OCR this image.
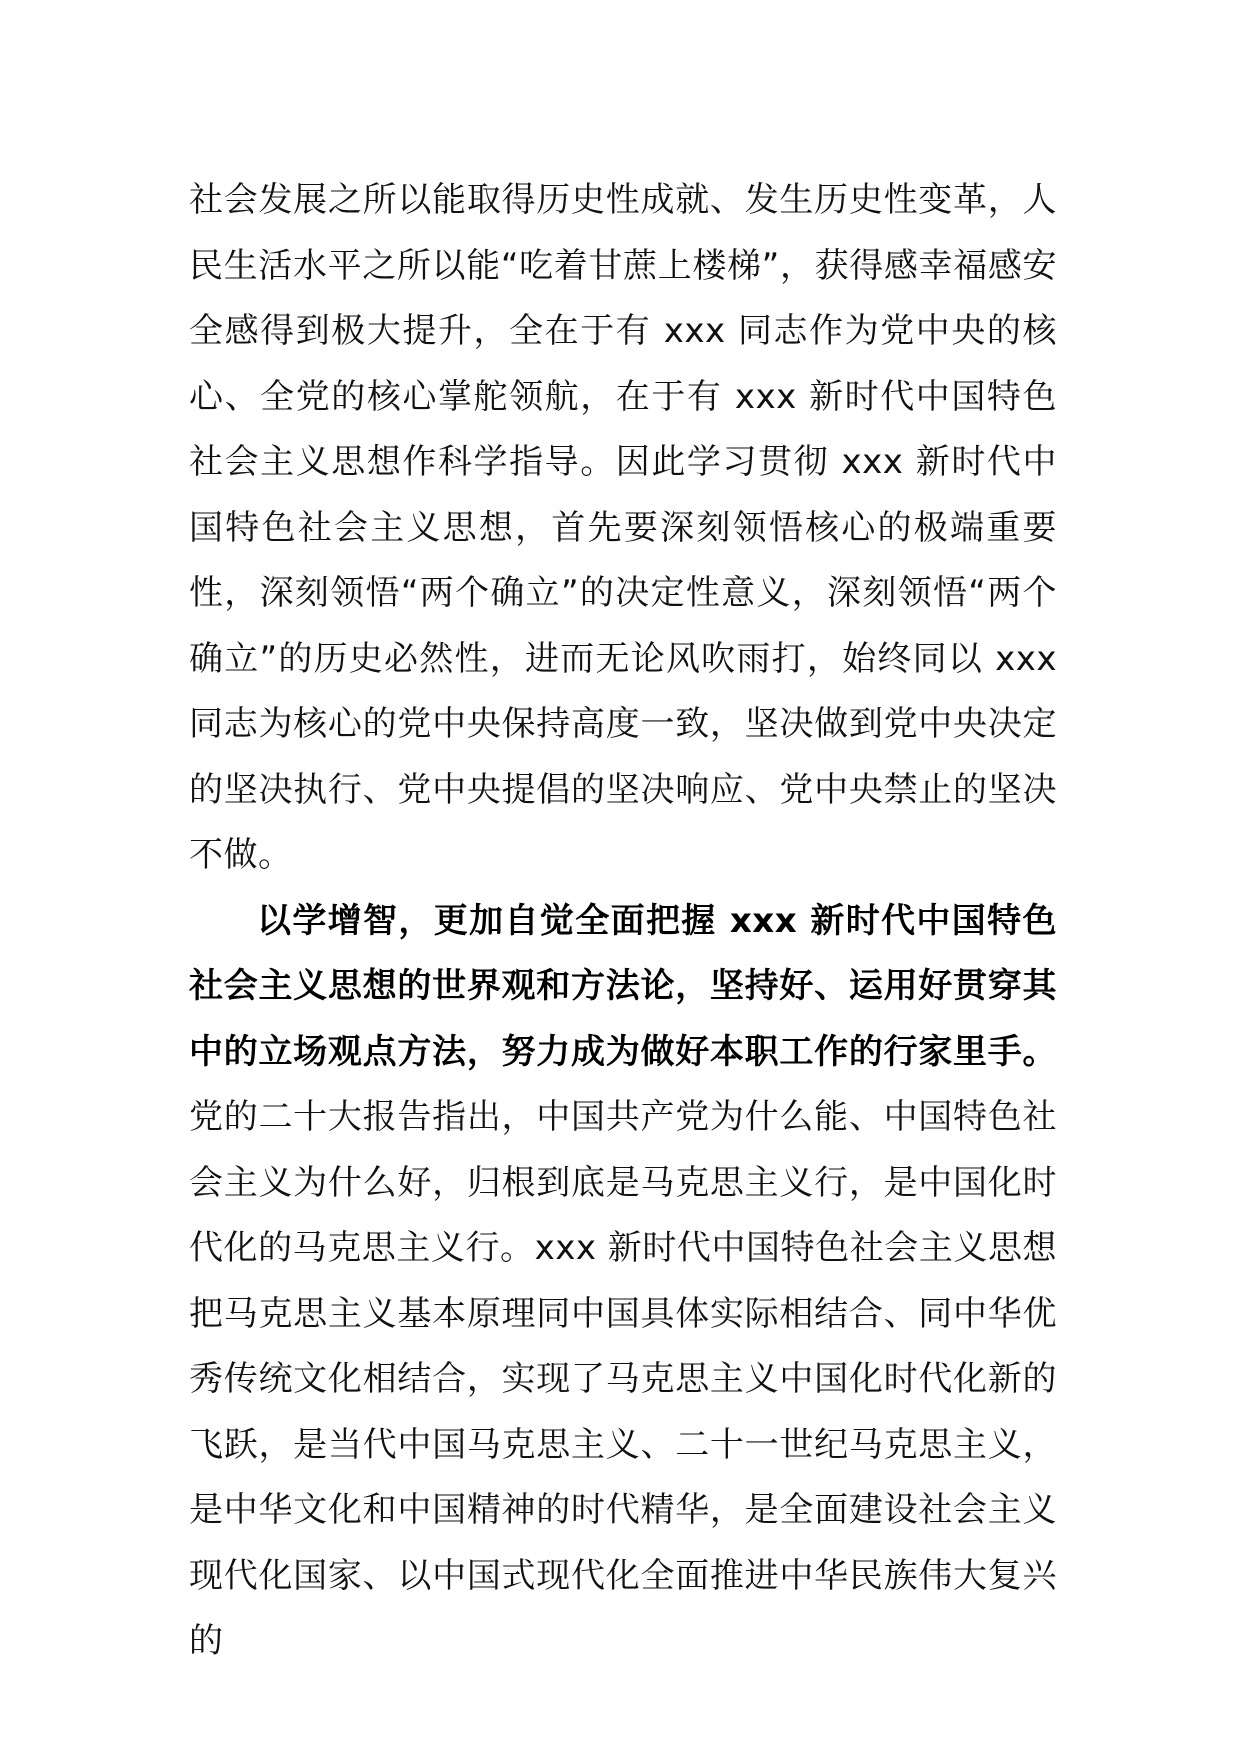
社会发展之所以能取得历史性成就、发生历史性变革，人民生活水平之所以能“吃着甘蔗上楼梯”，获得感幸福感安全感得到极大提升，全在于有 xxx 同志作为党中央的核心、全党的核心掌舵领航，在于有 xxx 新时代中国特色社会主义思想作科学指导。因此学习贯彻 xxx 新时代中国特色社会主义思想，首先要深刻领悟核心的极端重要性，深刻领悟“两个确立”的决定性意义，深刻领悟“两个确立”的历史必然性，进而无论风吹雨打，始终同以 xxx 同志为核心的党中央保持高度一致，坚决做到党中央决定的坚决执行、党中央提倡的坚决响应、党中央禁止的坚决不做。

以学增智，更加自觉全面把握 xxx 新时代中国特色社会主义思想的世界观和方法论，坚持好、运用好贯穿其中的立场观点方法，努力成为做好本职工作的行家里手。党的二十大报告指出，中国共产党为什么能、中国特色社会主义为什么好，归根到底是马克思主义行，是中国化时代化的马克思主义行。xxx 新时代中国特色社会主义思想把马克思主义基本原理同中国具体实际相结合、同中华优秀传统文化相结合，实现了马克思主义中国化时代化新的飞跃，是当代中国马克思主义、二十一世纪马克思主义，是中华文化和中国精神的时代精华，是全面建设社会主义现代化国家、以中国式现代化全面推进中华民族伟大复兴的
